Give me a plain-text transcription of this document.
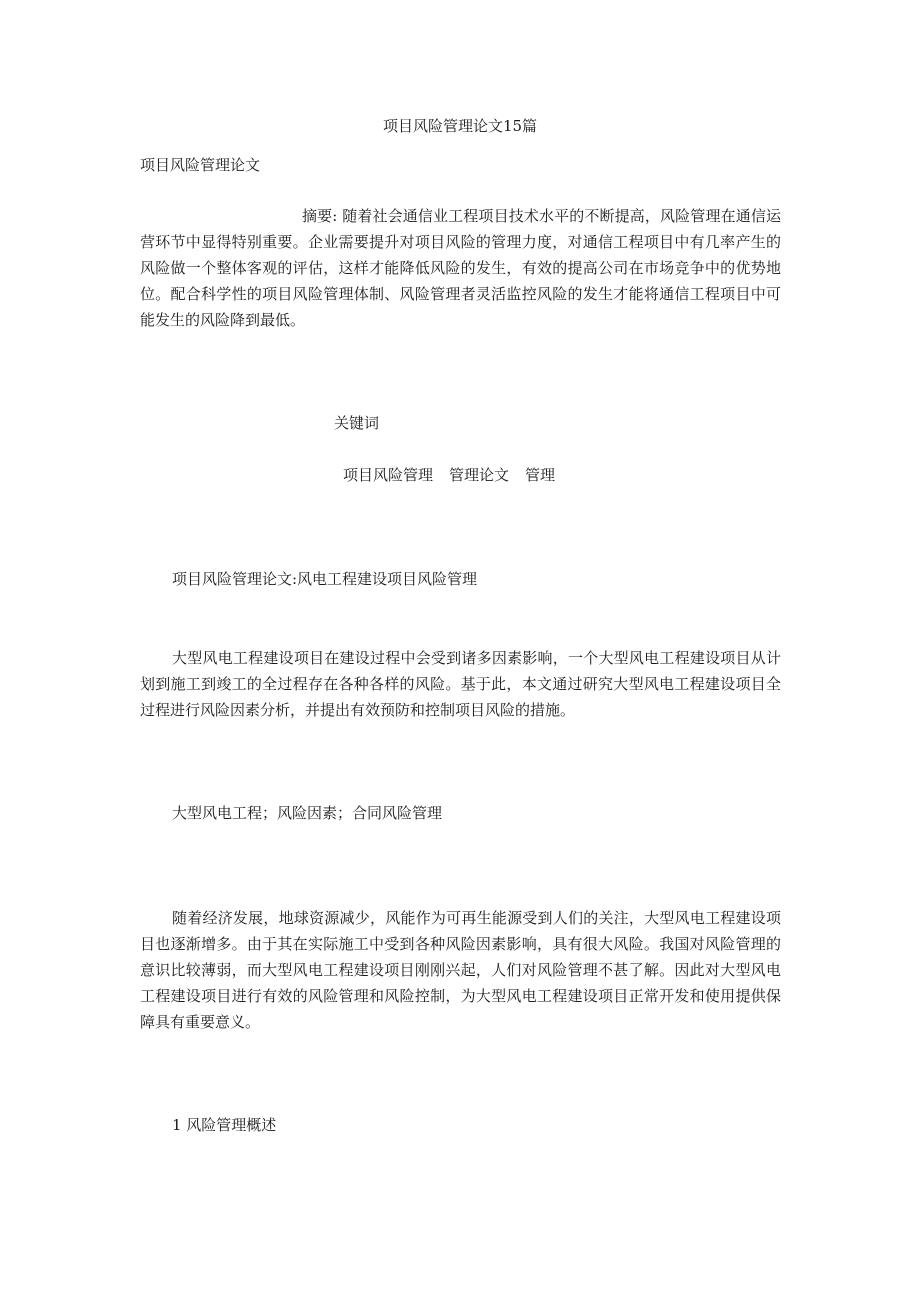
项目风险管理论文15篇
项目风险管理论文
摘要: 随着社会通信业工程项目技术水平的不断提高，风险管理在通信运营环节中显得特别重要。企业需要提升对项目风险的管理力度，对通信工程项目中有几率产生的风险做一个整体客观的评估，这样才能降低风险的发生，有效的提高公司在市场竞争中的优势地位。配合科学性的项目风险管理体制、风险管理者灵活监控风险的发生才能将通信工程项目中可能发生的风险降到最低。
关键词
项目风险管理 管理论文 管理
项目风险管理论文:风电工程建设项目风险管理
大型风电工程建设项目在建设过程中会受到诸多因素影响，一个大型风电工程建设项目从计划到施工到竣工的全过程存在各种各样的风险。基于此，本文通过研究大型风电工程建设项目全过程进行风险因素分析，并提出有效预防和控制项目风险的措施。
大型风电工程；风险因素；合同风险管理
随着经济发展，地球资源减少，风能作为可再生能源受到人们的关注，大型风电工程建设项目也逐渐增多。由于其在实际施工中受到各种风险因素影响，具有很大风险。我国对风险管理的意识比较薄弱，而大型风电工程建设项目刚刚兴起，人们对风险管理不甚了解。因此对大型风电工程建设项目进行有效的风险管理和风险控制，为大型风电工程建设项目正常开发和使用提供保障具有重要意义。
1 风险管理概述
